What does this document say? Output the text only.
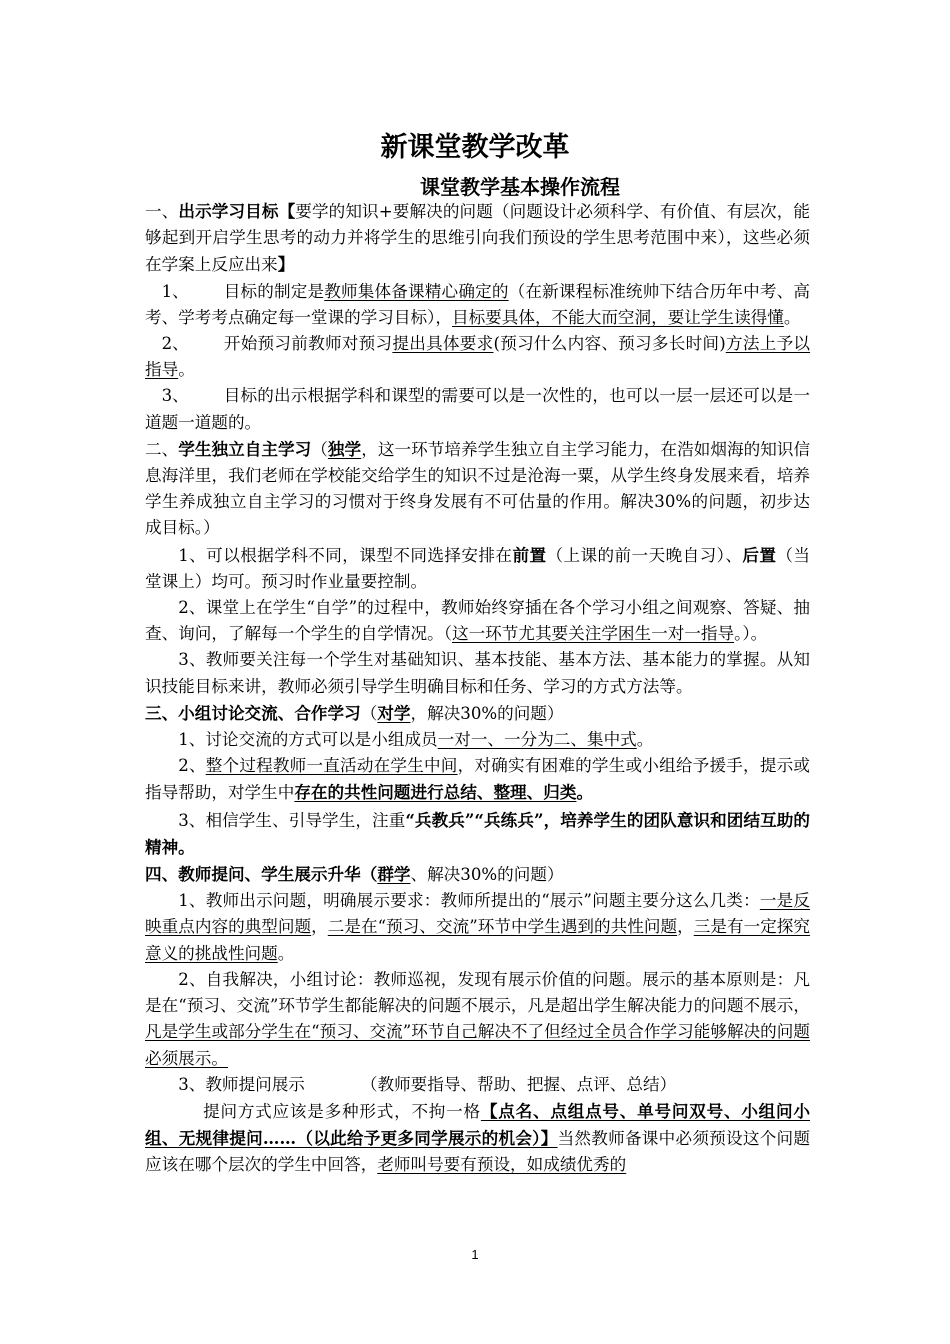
新课堂教学改革
课堂教学基本操作流程

一、出示学习目标【要学的知识+要解决的问题（问题设计必须科学、有价值、有层次，能够起到开启学生思考的动力并将学生的思维引向我们预设的学生思考范围中来），这些必须在学案上反应出来】

1、 目标的制定是教师集体备课精心确定的（在新课程标准统帅下结合历年中考、高考、学考考点确定每一堂课的学习目标），目标要具体，不能大而空洞，要让学生读得懂。

2、 开始预习前教师对预习提出具体要求(预习什么内容、预习多长时间)方法上予以指导。

3、 目标的出示根据学科和课型的需要可以是一次性的，也可以一层一层还可以是一道题一道题的。

二、学生独立自主学习（独学，这一环节培养学生独立自主学习能力，在浩如烟海的知识信息海洋里，我们老师在学校能交给学生的知识不过是沧海一粟，从学生终身发展来看，培养学生养成独立自主学习的习惯对于终身发展有不可估量的作用。解决30%的问题，初步达成目标。）

1、可以根据学科不同，课型不同选择安排在前置（上课的前一天晚自习）、后置（当堂课上）均可。预习时作业量要控制。

2、课堂上在学生“自学”的过程中，教师始终穿插在各个学习小组之间观察、答疑、抽查、询问，了解每一个学生的自学情况。（这一环节尤其要关注学困生一对一指导。）。

3、教师要关注每一个学生对基础知识、基本技能、基本方法、基本能力的掌握。从知识技能目标来讲，教师必须引导学生明确目标和任务、学习的方式方法等。

三、小组讨论交流、合作学习（对学，解决30%的问题）

1、讨论交流的方式可以是小组成员一对一、一分为二、集中式。

2、整个过程教师一直活动在学生中间，对确实有困难的学生或小组给予援手，提示或指导帮助，对学生中存在的共性问题进行总结、整理、归类。

3、相信学生、引导学生，注重“兵教兵”“兵练兵”，培养学生的团队意识和团结互助的精神。

四、教师提问、学生展示升华（群学、解决30%的问题）

1、教师出示问题，明确展示要求：教师所提出的“展示”问题主要分这么几类：一是反映重点内容的典型问题，二是在“预习、交流”环节中学生遇到的共性问题，三是有一定探究意义的挑战性问题。

2、自我解决，小组讨论：教师巡视，发现有展示价值的问题。展示的基本原则是：凡是在“预习、交流”环节学生都能解决的问题不展示，凡是超出学生解决能力的问题不展示，凡是学生或部分学生在“预习、交流”环节自己解决不了但经过全员合作学习能够解决的问题必须展示。

3、教师提问展示	（教师要指导、帮助、把握、点评、总结）

提问方式应该是多种形式，不拘一格【点名、点组点号、单号问双号、小组问小组、无规律提问……（以此给予更多同学展示的机会）】当然教师备课中必须预设这个问题应该在哪个层次的学生中回答，老师叫号要有预设，如成绩优秀的

1
